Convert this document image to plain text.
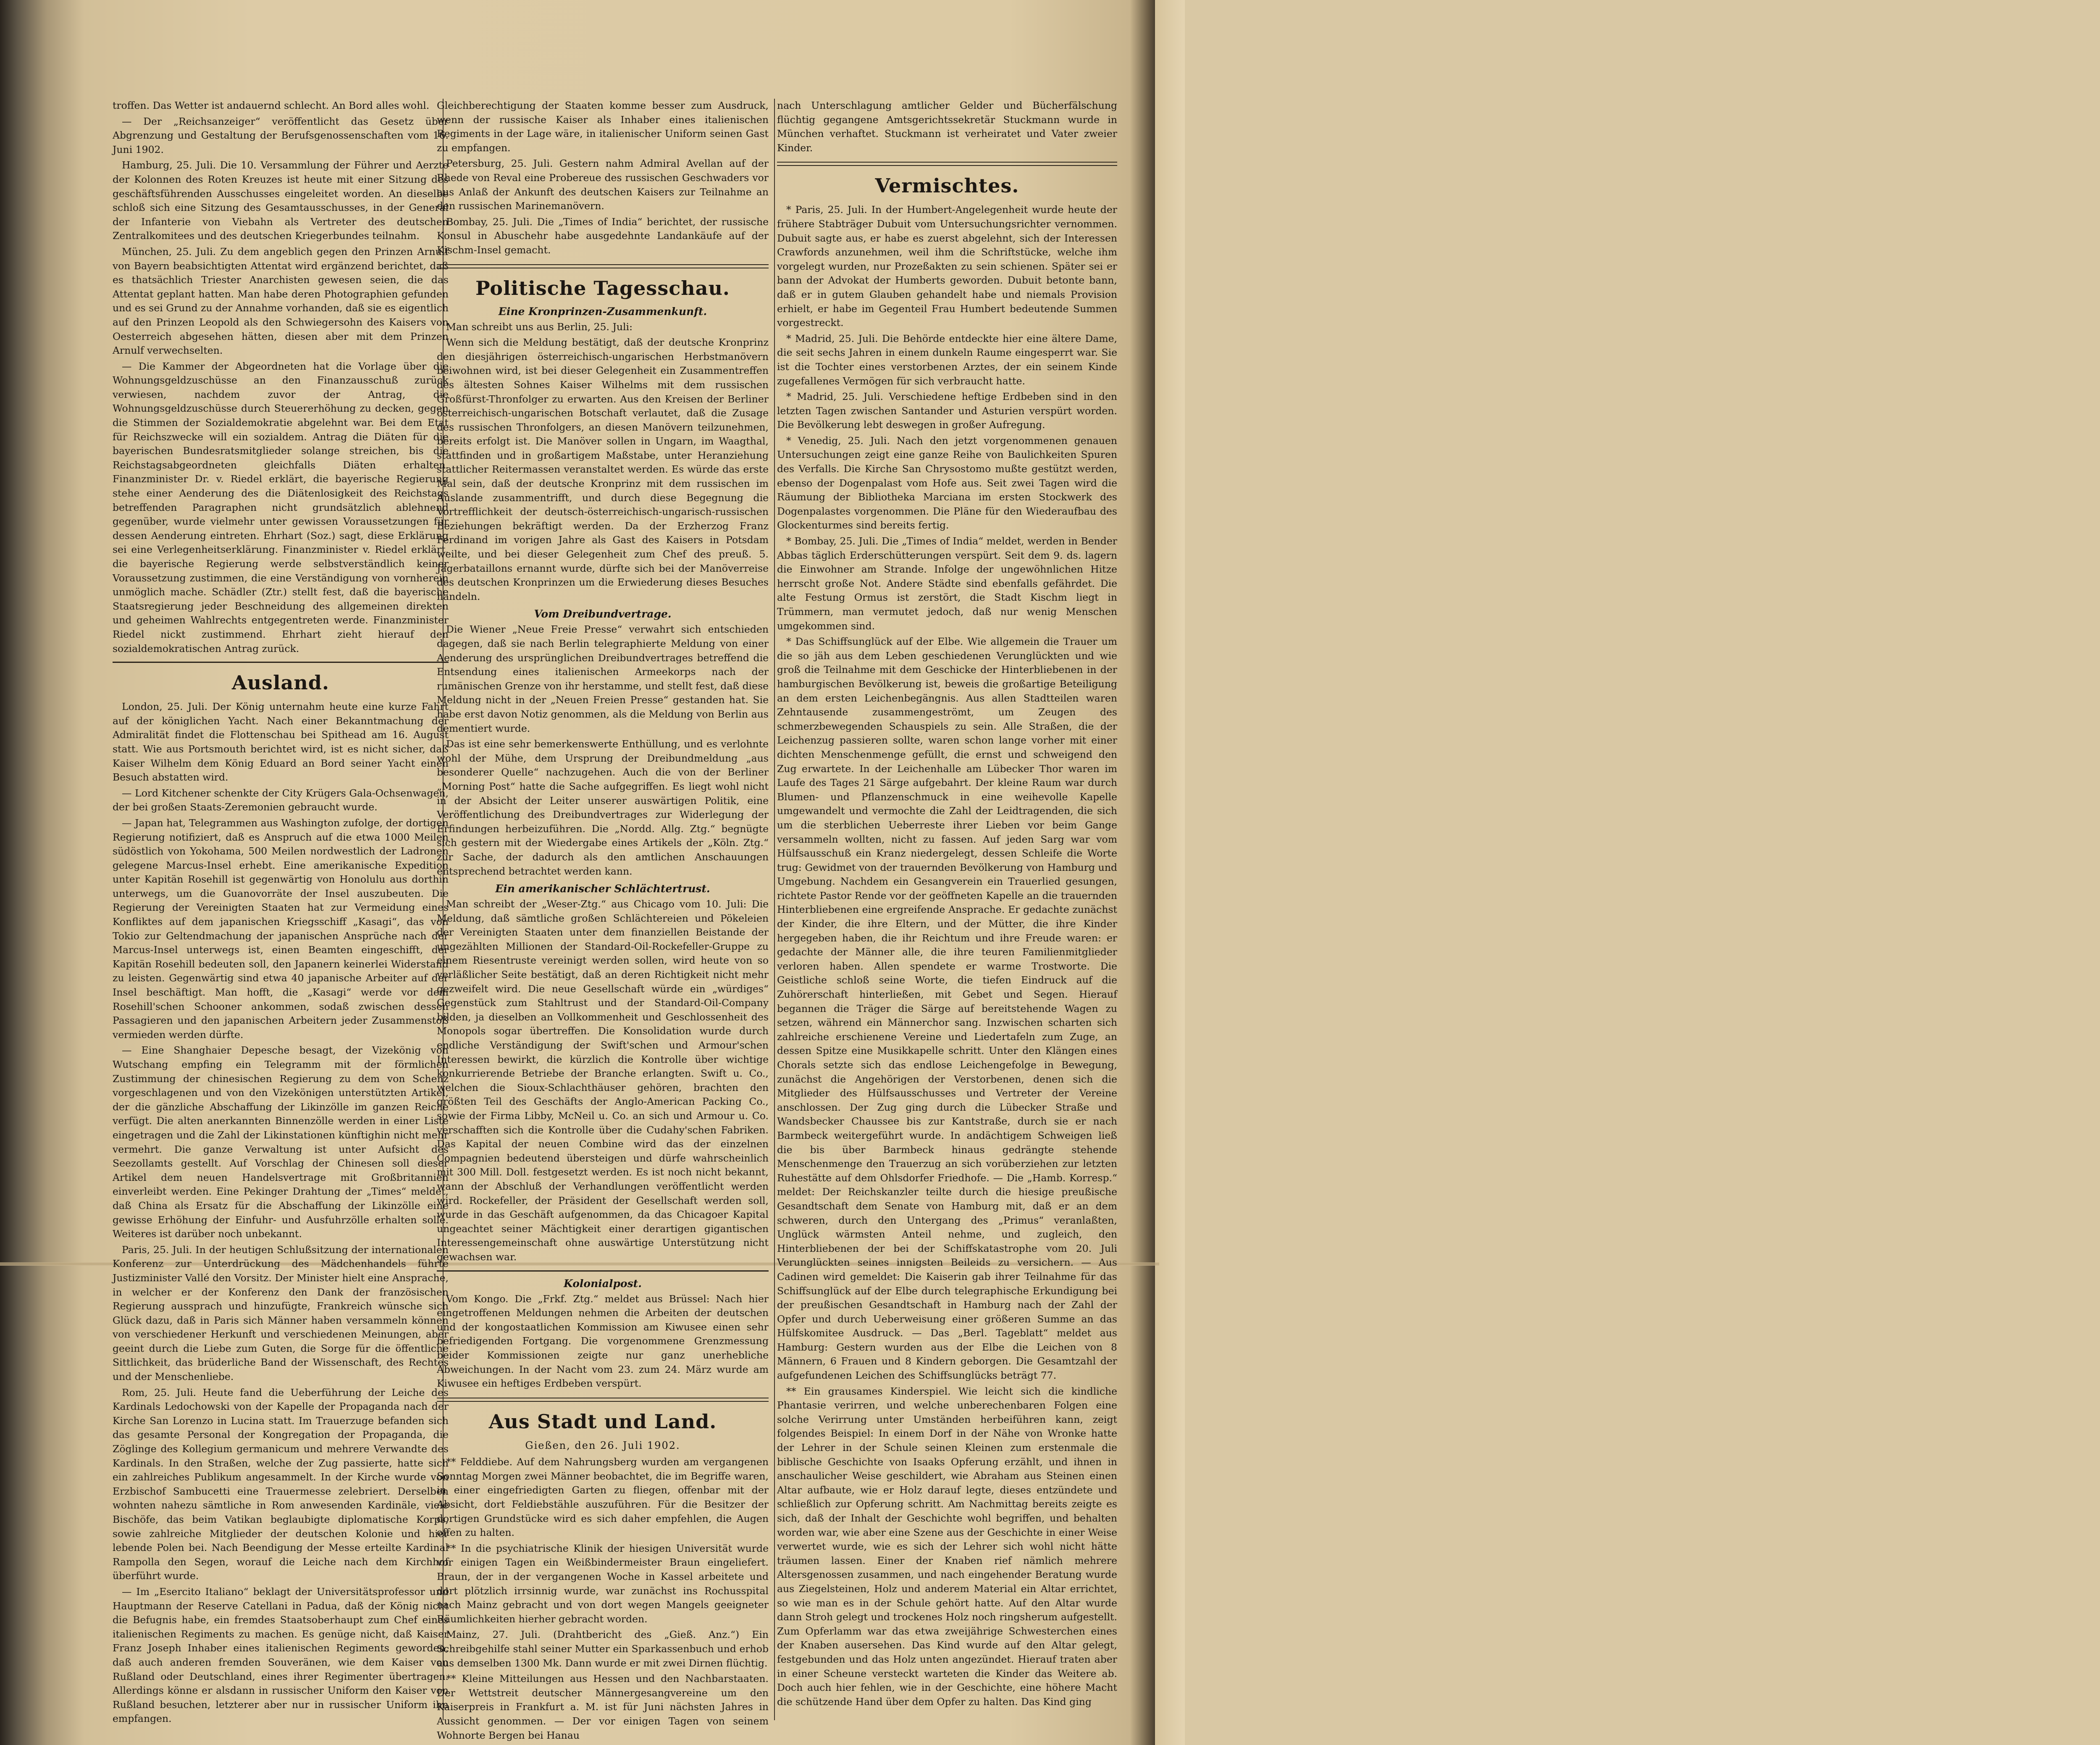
troffen. Das Wetter ist andauernd schlecht. An Bord alles wohl.

— Der „Reichsanzeiger“ veröffentlicht das Gesetz über Abgrenzung und Gestaltung der Berufsgenossenschaften vom 16. Juni 1902.

Hamburg, 25. Juli. Die 10. Versammlung der Führer und Aerzte der Kolonnen des Roten Kreuzes ist heute mit einer Sitzung des geschäftsführenden Ausschusses eingeleitet worden. An dieselbe schloß sich eine Sitzung des Gesamtausschusses, in der General der Infanterie von Viebahn als Vertreter des deutschen Zentralkomitees und des deutschen Kriegerbundes teilnahm.

München, 25. Juli. Zu dem angeblich gegen den Prinzen Arnulf von Bayern beabsichtigten Attentat wird ergänzend berichtet, daß es thatsächlich Triester Anarchisten gewesen seien, die das Attentat geplant hatten. Man habe deren Photographien gefunden und es sei Grund zu der Annahme vorhanden, daß sie es eigentlich auf den Prinzen Leopold als den Schwiegersohn des Kaisers von Oesterreich abgesehen hätten, diesen aber mit dem Prinzen Arnulf verwechselten.

— Die Kammer der Abgeordneten hat die Vorlage über die Wohnungsgeldzuschüsse an den Finanzausschuß zurück verwiesen, nachdem zuvor der Antrag, die Wohnungsgeldzuschüsse durch Steuererhöhung zu decken, gegen die Stimmen der Sozialdemokratie abgelehnt war. Bei dem Etat für Reichszwecke will ein sozialdem. Antrag die Diäten für die bayerischen Bundesratsmitglieder solange streichen, bis die Reichstagsabgeordneten gleichfalls Diäten erhalten. Finanzminister Dr. v. Riedel erklärt, die bayerische Regierung stehe einer Aenderung des die Diätenlosigkeit des Reichstags betreffenden Paragraphen nicht grundsätzlich ablehnend gegenüber, wurde vielmehr unter gewissen Voraussetzungen für dessen Aenderung eintreten. Ehrhart (Soz.) sagt, diese Erklärung sei eine Verlegenheitserklärung. Finanzminister v. Riedel erklärt, die bayerische Regierung werde selbstverständlich keiner Voraussetzung zustimmen, die eine Verständigung von vornherein unmöglich mache. Schädler (Ztr.) stellt fest, daß die bayerische Staatsregierung jeder Beschneidung des allgemeinen direkten und geheimen Wahlrechts entgegentreten werde. Finanzminister Riedel nickt zustimmend. Ehrhart zieht hierauf den sozialdemokratischen Antrag zurück.

Ausland.

London, 25. Juli. Der König unternahm heute eine kurze Fahrt auf der königlichen Yacht. Nach einer Bekanntmachung der Admiralität findet die Flottenschau bei Spithead am 16. August statt. Wie aus Portsmouth berichtet wird, ist es nicht sicher, daß Kaiser Wilhelm dem König Eduard an Bord seiner Yacht einen Besuch abstatten wird.

— Lord Kitchener schenkte der City Krügers Gala-Ochsenwagen, der bei großen Staats-Zeremonien gebraucht wurde.

— Japan hat, Telegrammen aus Washington zufolge, der dortigen Regierung notifiziert, daß es Anspruch auf die etwa 1000 Meilen südöstlich von Yokohama, 500 Meilen nordwestlich der Ladronen gelegene Marcus-Insel erhebt. Eine amerikanische Expedition unter Kapitän Rosehill ist gegenwärtig von Honolulu aus dorthin unterwegs, um die Guanovorräte der Insel auszubeuten. Die Regierung der Vereinigten Staaten hat zur Vermeidung eines Konfliktes auf dem japanischen Kriegsschiff „Kasagi“, das von Tokio zur Geltendmachung der japanischen Ansprüche nach der Marcus-Insel unterwegs ist, einen Beamten eingeschifft, der Kapitän Rosehill bedeuten soll, den Japanern keinerlei Widerstand zu leisten. Gegenwärtig sind etwa 40 japanische Arbeiter auf der Insel beschäftigt. Man hofft, die „Kasagi“ werde vor dem Rosehill'schen Schooner ankommen, sodaß zwischen dessen Passagieren und den japanischen Arbeitern jeder Zusammenstoß vermieden werden dürfte.

— Eine Shanghaier Depesche besagt, der Vizekönig von Wutschang empfing ein Telegramm mit der förmlichen Zustimmung der chinesischen Regierung zu dem von Schenz vorgeschlagenen und von den Vizekönigen unterstützten Artikel, der die gänzliche Abschaffung der Likinzölle im ganzen Reiche verfügt. Die alten anerkannten Binnenzölle werden in einer Liste eingetragen und die Zahl der Likinstationen künftighin nicht mehr vermehrt. Die ganze Verwaltung ist unter Aufsicht des Seezollamts gestellt. Auf Vorschlag der Chinesen soll dieser Artikel dem neuen Handelsvertrage mit Großbritannien einverleibt werden. Eine Pekinger Drahtung der „Times“ meldet, daß China als Ersatz für die Abschaffung der Likinzölle eine gewisse Erhöhung der Einfuhr- und Ausfuhrzölle erhalten solle. Weiteres ist darüber noch unbekannt.

Paris, 25. Juli. In der heutigen Schlußsitzung der internationalen Konferenz zur Unterdrückung des Mädchenhandels führte Justizminister Vallé den Vorsitz. Der Minister hielt eine Ansprache, in welcher er der Konferenz den Dank der französischen Regierung aussprach und hinzufügte, Frankreich wünsche sich Glück dazu, daß in Paris sich Männer haben versammeln können von verschiedener Herkunft und verschiedenen Meinungen, aber geeint durch die Liebe zum Guten, die Sorge für die öffentliche Sittlichkeit, das brüderliche Band der Wissenschaft, des Rechtes und der Menschenliebe.

Rom, 25. Juli. Heute fand die Ueberführung der Leiche des Kardinals Ledochowski von der Kapelle der Propaganda nach der Kirche San Lorenzo in Lucina statt. Im Trauerzuge befanden sich das gesamte Personal der Kongregation der Propaganda, die Zöglinge des Kollegium germanicum und mehrere Verwandte des Kardinals. In den Straßen, welche der Zug passierte, hatte sich ein zahlreiches Publikum angesammelt. In der Kirche wurde von Erzbischof Sambucetti eine Trauermesse zelebriert. Derselben wohnten nahezu sämtliche in Rom anwesenden Kardinäle, viele Bischöfe, das beim Vatikan beglaubigte diplomatische Korps, sowie zahlreiche Mitglieder der deutschen Kolonie und hier lebende Polen bei. Nach Beendigung der Messe erteilte Kardinal Rampolla den Segen, worauf die Leiche nach dem Kirchhof überführt wurde.

— Im „Esercito Italiano“ beklagt der Universitätsprofessor und Hauptmann der Reserve Catellani in Padua, daß der König nicht die Befugnis habe, ein fremdes Staatsoberhaupt zum Chef eines italienischen Regiments zu machen. Es genüge nicht, daß Kaiser Franz Joseph Inhaber eines italienischen Regiments geworden, daß auch anderen fremden Souveränen, wie dem Kaiser von Rußland oder Deutschland, eines ihrer Regimenter übertragen. Allerdings könne er alsdann in russischer Uniform den Kaiser von Rußland besuchen, letzterer aber nur in russischer Uniform ihn empfangen.

Gleichberechtigung der Staaten komme besser zum Ausdruck, wenn der russische Kaiser als Inhaber eines italienischen Regiments in der Lage wäre, in italienischer Uniform seinen Gast zu empfangen.

Petersburg, 25. Juli. Gestern nahm Admiral Avellan auf der Rhede von Reval eine Probereue des russischen Geschwaders vor aus Anlaß der Ankunft des deutschen Kaisers zur Teilnahme an den russischen Marinemanövern.

Bombay, 25. Juli. Die „Times of India“ berichtet, der russische Konsul in Abuschehr habe ausgedehnte Landankäufe auf der Kischm-Insel gemacht.

Politische Tagesschau.
Eine Kronprinzen-Zusammenkunft.

Man schreibt uns aus Berlin, 25. Juli:

Wenn sich die Meldung bestätigt, daß der deutsche Kronprinz den diesjährigen österreichisch-ungarischen Herbstmanövern beiwohnen wird, ist bei dieser Gelegenheit ein Zusammentreffen des ältesten Sohnes Kaiser Wilhelms mit dem russischen Großfürst-Thronfolger zu erwarten. Aus den Kreisen der Berliner österreichisch-ungarischen Botschaft verlautet, daß die Zusage des russischen Thronfolgers, an diesen Manövern teilzunehmen, bereits erfolgt ist. Die Manöver sollen in Ungarn, im Waagthal, stattfinden und in großartigem Maßstabe, unter Heranziehung stattlicher Reitermassen veranstaltet werden. Es würde das erste Mal sein, daß der deutsche Kronprinz mit dem russischen im Auslande zusammentrifft, und durch diese Begegnung die Vortrefflichkeit der deutsch-österreichisch-ungarisch-russischen Beziehungen bekräftigt werden. Da der Erzherzog Franz Ferdinand im vorigen Jahre als Gast des Kaisers in Potsdam weilte, und bei dieser Gelegenheit zum Chef des preuß. 5. Jägerbataillons ernannt wurde, dürfte sich bei der Manöverreise des deutschen Kronprinzen um die Erwiederung dieses Besuches handeln.

Vom Dreibundvertrage.

Die Wiener „Neue Freie Presse“ verwahrt sich entschieden dagegen, daß sie nach Berlin telegraphierte Meldung von einer Aenderung des ursprünglichen Dreibundvertrages betreffend die Entsendung eines italienischen Armeekorps nach der rumänischen Grenze von ihr herstamme, und stellt fest, daß diese Meldung nicht in der „Neuen Freien Presse“ gestanden hat. Sie habe erst davon Notiz genommen, als die Meldung von Berlin aus dementiert wurde.

Das ist eine sehr bemerkenswerte Enthüllung, und es verlohnte wohl der Mühe, dem Ursprung der Dreibundmeldung „aus besonderer Quelle“ nachzugehen. Auch die von der Berliner „Morning Post“ hatte die Sache aufgegriffen. Es liegt wohl nicht in der Absicht der Leiter unserer auswärtigen Politik, eine Veröffentlichung des Dreibundvertrages zur Widerlegung der Erfindungen herbeizuführen. Die „Nordd. Allg. Ztg.“ begnügte sich gestern mit der Wiedergabe eines Artikels der „Köln. Ztg.“ zur Sache, der dadurch als den amtlichen Anschauungen entsprechend betrachtet werden kann.

Ein amerikanischer Schlächtertrust.

Man schreibt der „Weser-Ztg.“ aus Chicago vom 10. Juli: Die Meldung, daß sämtliche großen Schlächtereien und Pökeleien der Vereinigten Staaten unter dem finanziellen Beistande der ungezählten Millionen der Standard-Oil-Rockefeller-Gruppe zu einem Riesentruste vereinigt werden sollen, wird heute von so verläßlicher Seite bestätigt, daß an deren Richtigkeit nicht mehr gezweifelt wird. Die neue Gesellschaft würde ein „würdiges“ Gegenstück zum Stahltrust und der Standard-Oil-Company bilden, ja dieselben an Vollkommenheit und Geschlossenheit des Monopols sogar übertreffen. Die Konsolidation wurde durch endliche Verständigung der Swift'schen und Armour'schen Interessen bewirkt, die kürzlich die Kontrolle über wichtige konkurrierende Betriebe der Branche erlangten. Swift u. Co., welchen die Sioux-Schlachthäuser gehören, brachten den größten Teil des Geschäfts der Anglo-American Packing Co., sowie der Firma Libby, McNeil u. Co. an sich und Armour u. Co. verschafften sich die Kontrolle über die Cudahy'schen Fabriken. Das Kapital der neuen Combine wird das der einzelnen Compagnien bedeutend übersteigen und dürfe wahrscheinlich mit 300 Mill. Doll. festgesetzt werden. Es ist noch nicht bekannt, wann der Abschluß der Verhandlungen veröffentlicht werden wird. Rockefeller, der Präsident der Gesellschaft werden soll, wurde in das Geschäft aufgenommen, da das Chicagoer Kapital ungeachtet seiner Mächtigkeit einer derartigen gigantischen Interessengemeinschaft ohne auswärtige Unterstützung nicht gewachsen war.

Kolonialpost.

Vom Kongo. Die „Frkf. Ztg.“ meldet aus Brüssel: Nach hier eingetroffenen Meldungen nehmen die Arbeiten der deutschen und der kongostaatlichen Kommission am Kiwusee einen sehr befriedigenden Fortgang. Die vorgenommene Grenzmessung beider Kommissionen zeigte nur ganz unerhebliche Abweichungen. In der Nacht vom 23. zum 24. März wurde am Kiwusee ein heftiges Erdbeben verspürt.

Aus Stadt und Land.

Gießen, den 26. Juli 1902.

** Felddiebe. Auf dem Nahrungsberg wurden am vergangenen Sonntag Morgen zwei Männer beobachtet, die im Begriffe waren, in einer eingefriedigten Garten zu fliegen, offenbar mit der Absicht, dort Feldiebstähle auszuführen. Für die Besitzer der dortigen Grundstücke wird es sich daher empfehlen, die Augen offen zu halten.

** In die psychiatrische Klinik der hiesigen Universität wurde vor einigen Tagen ein Weißbindermeister Braun eingeliefert. Braun, der in der vergangenen Woche in Kassel arbeitete und dort plötzlich irrsinnig wurde, war zunächst ins Rochusspital nach Mainz gebracht und von dort wegen Mangels geeigneter Räumlichkeiten hierher gebracht worden.

Mainz, 27. Juli. (Drahtbericht des „Gieß. Anz.“) Ein Schreibgehilfe stahl seiner Mutter ein Sparkassenbuch und erhob aus demselben 1300 Mk. Dann wurde er mit zwei Dirnen flüchtig.

** Kleine Mitteilungen aus Hessen und den Nachbarstaaten. Der Wettstreit deutscher Männergesangvereine um den Kaiserpreis in Frankfurt a. M. ist für Juni nächsten Jahres in Aussicht genommen. — Der vor einigen Tagen von seinem Wohnorte Bergen bei Hanau

nach Unterschlagung amtlicher Gelder und Bücherfälschung flüchtig gegangene Amtsgerichtssekretär Stuckmann wurde in München verhaftet. Stuckmann ist verheiratet und Vater zweier Kinder.

Vermischtes.

* Paris, 25. Juli. In der Humbert-Angelegenheit wurde heute der frühere Stabträger Dubuit vom Untersuchungsrichter vernommen. Dubuit sagte aus, er habe es zuerst abgelehnt, sich der Interessen Crawfords anzunehmen, weil ihm die Schriftstücke, welche ihm vorgelegt wurden, nur Prozeßakten zu sein schienen. Später sei er bann der Advokat der Humberts geworden. Dubuit betonte bann, daß er in gutem Glauben gehandelt habe und niemals Provision erhielt, er habe im Gegenteil Frau Humbert bedeutende Summen vorgestreckt.

* Madrid, 25. Juli. Die Behörde entdeckte hier eine ältere Dame, die seit sechs Jahren in einem dunkeln Raume eingesperrt war. Sie ist die Tochter eines verstorbenen Arztes, der ein seinem Kinde zugefallenes Vermögen für sich verbraucht hatte.

* Madrid, 25. Juli. Verschiedene heftige Erdbeben sind in den letzten Tagen zwischen Santander und Asturien verspürt worden. Die Bevölkerung lebt deswegen in großer Aufregung.

* Venedig, 25. Juli. Nach den jetzt vorgenommenen genauen Untersuchungen zeigt eine ganze Reihe von Baulichkeiten Spuren des Verfalls. Die Kirche San Chrysostomo mußte gestützt werden, ebenso der Dogenpalast vom Hofe aus. Seit zwei Tagen wird die Räumung der Bibliotheka Marciana im ersten Stockwerk des Dogenpalastes vorgenommen. Die Pläne für den Wiederaufbau des Glockenturmes sind bereits fertig.

* Bombay, 25. Juli. Die „Times of India“ meldet, werden in Bender Abbas täglich Erderschütterungen verspürt. Seit dem 9. ds. lagern die Einwohner am Strande. Infolge der ungewöhnlichen Hitze herrscht große Not. Andere Städte sind ebenfalls gefährdet. Die alte Festung Ormus ist zerstört, die Stadt Kischm liegt in Trümmern, man vermutet jedoch, daß nur wenig Menschen umgekommen sind.

* Das Schiffsunglück auf der Elbe. Wie allgemein die Trauer um die so jäh aus dem Leben geschiedenen Verunglückten und wie groß die Teilnahme mit dem Geschicke der Hinterbliebenen in der hamburgischen Bevölkerung ist, beweis die großartige Beteiligung an dem ersten Leichenbegängnis. Aus allen Stadtteilen waren Zehntausende zusammengeströmt, um Zeugen des schmerzbewegenden Schauspiels zu sein. Alle Straßen, die der Leichenzug passieren sollte, waren schon lange vorher mit einer dichten Menschenmenge gefüllt, die ernst und schweigend den Zug erwartete. In der Leichenhalle am Lübecker Thor waren im Laufe des Tages 21 Särge aufgebahrt. Der kleine Raum war durch Blumen- und Pflanzenschmuck in eine weihevolle Kapelle umgewandelt und vermochte die Zahl der Leidtragenden, die sich um die sterblichen Ueberreste ihrer Lieben vor beim Gange versammeln wollten, nicht zu fassen. Auf jeden Sarg war vom Hülfsausschuß ein Kranz niedergelegt, dessen Schleife die Worte trug: Gewidmet von der trauernden Bevölkerung von Hamburg und Umgebung. Nachdem ein Gesangverein ein Trauerlied gesungen, richtete Pastor Rende vor der geöffneten Kapelle an die trauernden Hinterbliebenen eine ergreifende Ansprache. Er gedachte zunächst der Kinder, die ihre Eltern, und der Mütter, die ihre Kinder hergegeben haben, die ihr Reichtum und ihre Freude waren: er gedachte der Männer alle, die ihre teuren Familienmitglieder verloren haben. Allen spendete er warme Trostworte. Die Geistliche schloß seine Worte, die tiefen Eindruck auf die Zuhörerschaft hinterließen, mit Gebet und Segen. Hierauf begannen die Träger die Särge auf bereitstehende Wagen zu setzen, während ein Männerchor sang. Inzwischen scharten sich zahlreiche erschienene Vereine und Liedertafeln zum Zuge, an dessen Spitze eine Musikkapelle schritt. Unter den Klängen eines Chorals setzte sich das endlose Leichengefolge in Bewegung, zunächst die Angehörigen der Verstorbenen, denen sich die Mitglieder des Hülfsausschusses und Vertreter der Vereine anschlossen. Der Zug ging durch die Lübecker Straße und Wandsbecker Chaussee bis zur Kantstraße, durch sie er nach Barmbeck weitergeführt wurde. In andächtigem Schweigen ließ die bis über Barmbeck hinaus gedrängte stehende Menschenmenge den Trauerzug an sich vorüberziehen zur letzten Ruhestätte auf dem Ohlsdorfer Friedhofe. — Die „Hamb. Korresp.“ meldet: Der Reichskanzler teilte durch die hiesige preußische Gesandtschaft dem Senate von Hamburg mit, daß er an dem schweren, durch den Untergang des „Primus“ veranlaßten, Unglück wärmsten Anteil nehme, und zugleich, den Hinterbliebenen der bei der Schiffskatastrophe vom 20. Juli Verunglückten seines innigsten Beileids zu versichern. — Aus Cadinen wird gemeldet: Die Kaiserin gab ihrer Teilnahme für das Schiffsunglück auf der Elbe durch telegraphische Erkundigung bei der preußischen Gesandtschaft in Hamburg nach der Zahl der Opfer und durch Ueberweisung einer größeren Summe an das Hülfskomitee Ausdruck. — Das „Berl. Tageblatt“ meldet aus Hamburg: Gestern wurden aus der Elbe die Leichen von 8 Männern, 6 Frauen und 8 Kindern geborgen. Die Gesamtzahl der aufgefundenen Leichen des Schiffsunglücks beträgt 77.

** Ein grausames Kinderspiel. Wie leicht sich die kindliche Phantasie verirren, und welche unberechenbaren Folgen eine solche Verirrung unter Umständen herbeiführen kann, zeigt folgendes Beispiel: In einem Dorf in der Nähe von Wronke hatte der Lehrer in der Schule seinen Kleinen zum erstenmale die biblische Geschichte von Isaaks Opferung erzählt, und ihnen in anschaulicher Weise geschildert, wie Abraham aus Steinen einen Altar aufbaute, wie er Holz darauf legte, dieses entzündete und schließlich zur Opferung schritt. Am Nachmittag bereits zeigte es sich, daß der Inhalt der Geschichte wohl begriffen, und behalten worden war, wie aber eine Szene aus der Geschichte in einer Weise verwertet wurde, wie es sich der Lehrer sich wohl nicht hätte träumen lassen. Einer der Knaben rief nämlich mehrere Altersgenossen zusammen, und nach eingehender Beratung wurde aus Ziegelsteinen, Holz und anderem Material ein Altar errichtet, so wie man es in der Schule gehört hatte. Auf den Altar wurde dann Stroh gelegt und trockenes Holz noch ringsherum aufgestellt. Zum Opferlamm war das etwa zweijährige Schwesterchen eines der Knaben ausersehen. Das Kind wurde auf den Altar gelegt, festgebunden und das Holz unten angezündet. Hierauf traten aber in einer Scheune versteckt warteten die Kinder das Weitere ab. Doch auch hier fehlen, wie in der Geschichte, eine höhere Macht die schützende Hand über dem Opfer zu halten. Das Kind ging
